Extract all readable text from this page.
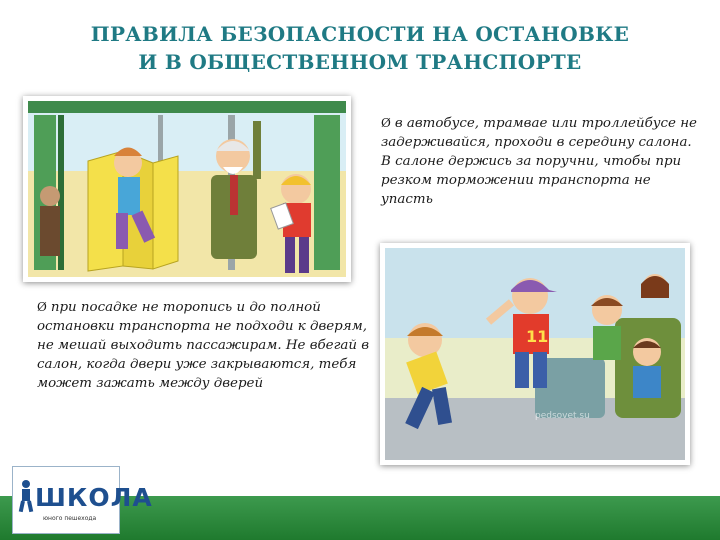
ПРАВИЛА БЕЗОПАСНОСТИ НА ОСТАНОВКЕ
И В ОБЩЕСТВЕННОМ ТРАНСПОРТЕ

Ø в автобусе, трамвае или троллейбусе не задерживайся, проходи в середину салона. В салоне держись за поручни, чтобы при резком торможении транспорта не упасть

Ø при посадке не торопись и до полной остановки транспорта не подходи к дверям, не мешай выходить пассажирам. Не вбегай в салон, когда двери уже закрываются, тебя может зажать между дверей

11
pedsovet.su
ШКОЛА
юного пешехода
